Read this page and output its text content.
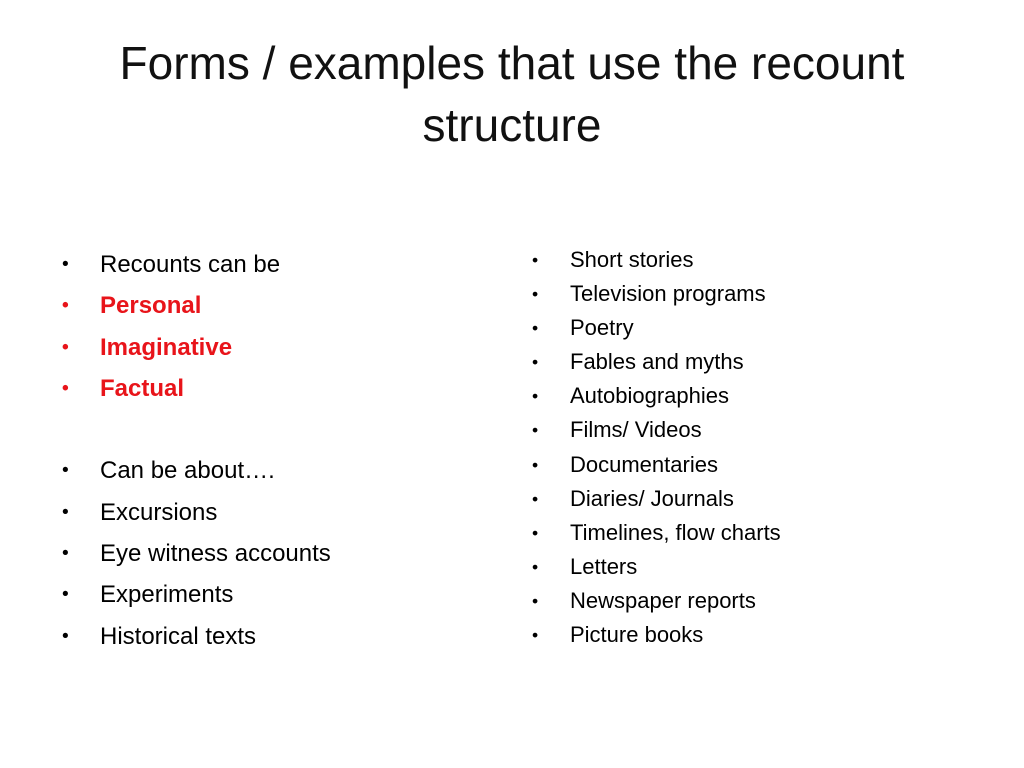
Forms / examples that use the recount structure
• Recounts can be
• Personal
• Imaginative
• Factual
• Can be about….
• Excursions
• Eye witness accounts
• Experiments
• Historical texts
• Short stories
• Television programs
• Poetry
• Fables and myths
• Autobiographies
• Films/ Videos
• Documentaries
• Diaries/ Journals
• Timelines, flow charts
• Letters
• Newspaper reports
• Picture books
